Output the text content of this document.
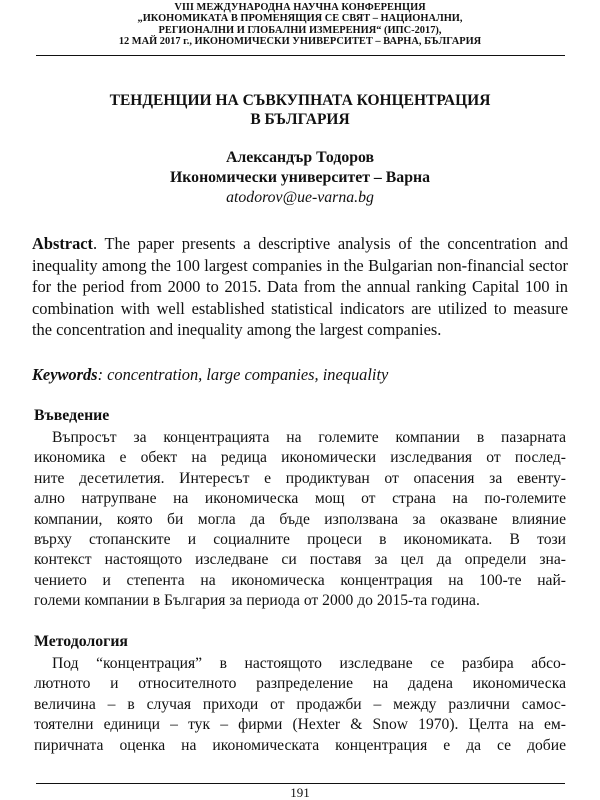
VIII МЕЖДУНАРОДНА НАУЧНА КОНФЕРЕНЦИЯ
„ИКОНОМИКАТА В ПРОМЕНЯЩИЯ СЕ СВЯТ – НАЦИОНАЛНИ,
РЕГИОНАЛНИ И ГЛОБАЛНИ ИЗМЕРЕНИЯ“ (ИПС-2017),
12 МАЙ 2017 г., ИКОНОМИЧЕСКИ УНИВЕРСИТЕТ – ВАРНА, БЪЛГАРИЯ
ТЕНДЕНЦИИ НА СЪВКУПНАТА КОНЦЕНТРАЦИЯ
В БЪЛГАРИЯ
Александър Тодоров
Икономически университет – Варна
atodorov@ue-varna.bg
Abstract. The paper presents a descriptive analysis of the concentration and inequality among the 100 largest companies in the Bulgarian non-financial sector for the period from 2000 to 2015. Data from the annual ranking Capital 100 in combination with well established statistical indicators are utilized to measure the concentration and inequality among the largest companies.
Keywords: concentration, large companies, inequality
Въведение
Въпросът за концентрацията на големите компании в пазарната
икономика е обект на редица икономически изследвания от послед-
ните десетилетия. Интересът е продиктуван от опасения за евенту-
ално натрупване на икономическа мощ от страна на по-големите
компании, която би могла да бъде използвана за оказване влияние
върху стопанските и социалните процеси в икономиката. В този
контекст настоящото изследване си поставя за цел да определи зна-
чението и степента на икономическа концентрация на 100-те най-
големи компании в България за периода от 2000 до 2015-та година.
Методология
Под “концентрация” в настоящото изследване се разбира абсо-
лютното и относителното разпределение на дадена икономическа
величина – в случая приходи от продажби – между различни самос-
тоятелни единици – тук – фирми (Hexter & Snow 1970). Целта на ем-
пиричната оценка на икономическата концентрация е да се добие
191
